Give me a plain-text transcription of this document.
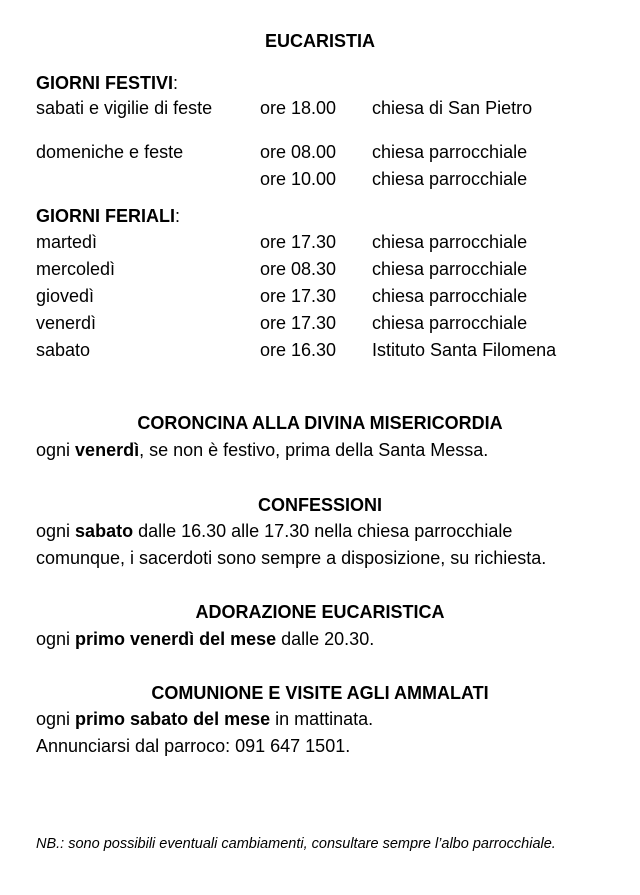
EUCARISTIA
GIORNI FESTIVI:
sabati e vigilie di feste	ore 18.00 chiesa di San Pietro
domeniche e feste	ore 08.00 chiesa parrocchiale
ore 10.00 chiesa parrocchiale
GIORNI FERIALI:
martedì	ore 17.30 chiesa parrocchiale
mercoledì	ore 08.30 chiesa parrocchiale
giovedì	ore 17.30 chiesa parrocchiale
venerdì	ore 17.30 chiesa parrocchiale
sabato	ore 16.30 Istituto Santa Filomena
CORONCINA ALLA DIVINA MISERICORDIA
ogni venerdì, se non è festivo, prima della Santa Messa.
CONFESSIONI
ogni sabato dalle 16.30 alle 17.30 nella chiesa parrocchiale
comunque, i sacerdoti sono sempre a disposizione, su richiesta.
ADORAZIONE EUCARISTICA
ogni primo venerdì del mese dalle 20.30.
COMUNIONE E VISITE AGLI AMMALATI
ogni primo sabato del mese in mattinata.
Annunciarsi dal parroco: 091 647 1501.
NB.: sono possibili eventuali cambiamenti, consultare sempre l’albo parrocchiale.
